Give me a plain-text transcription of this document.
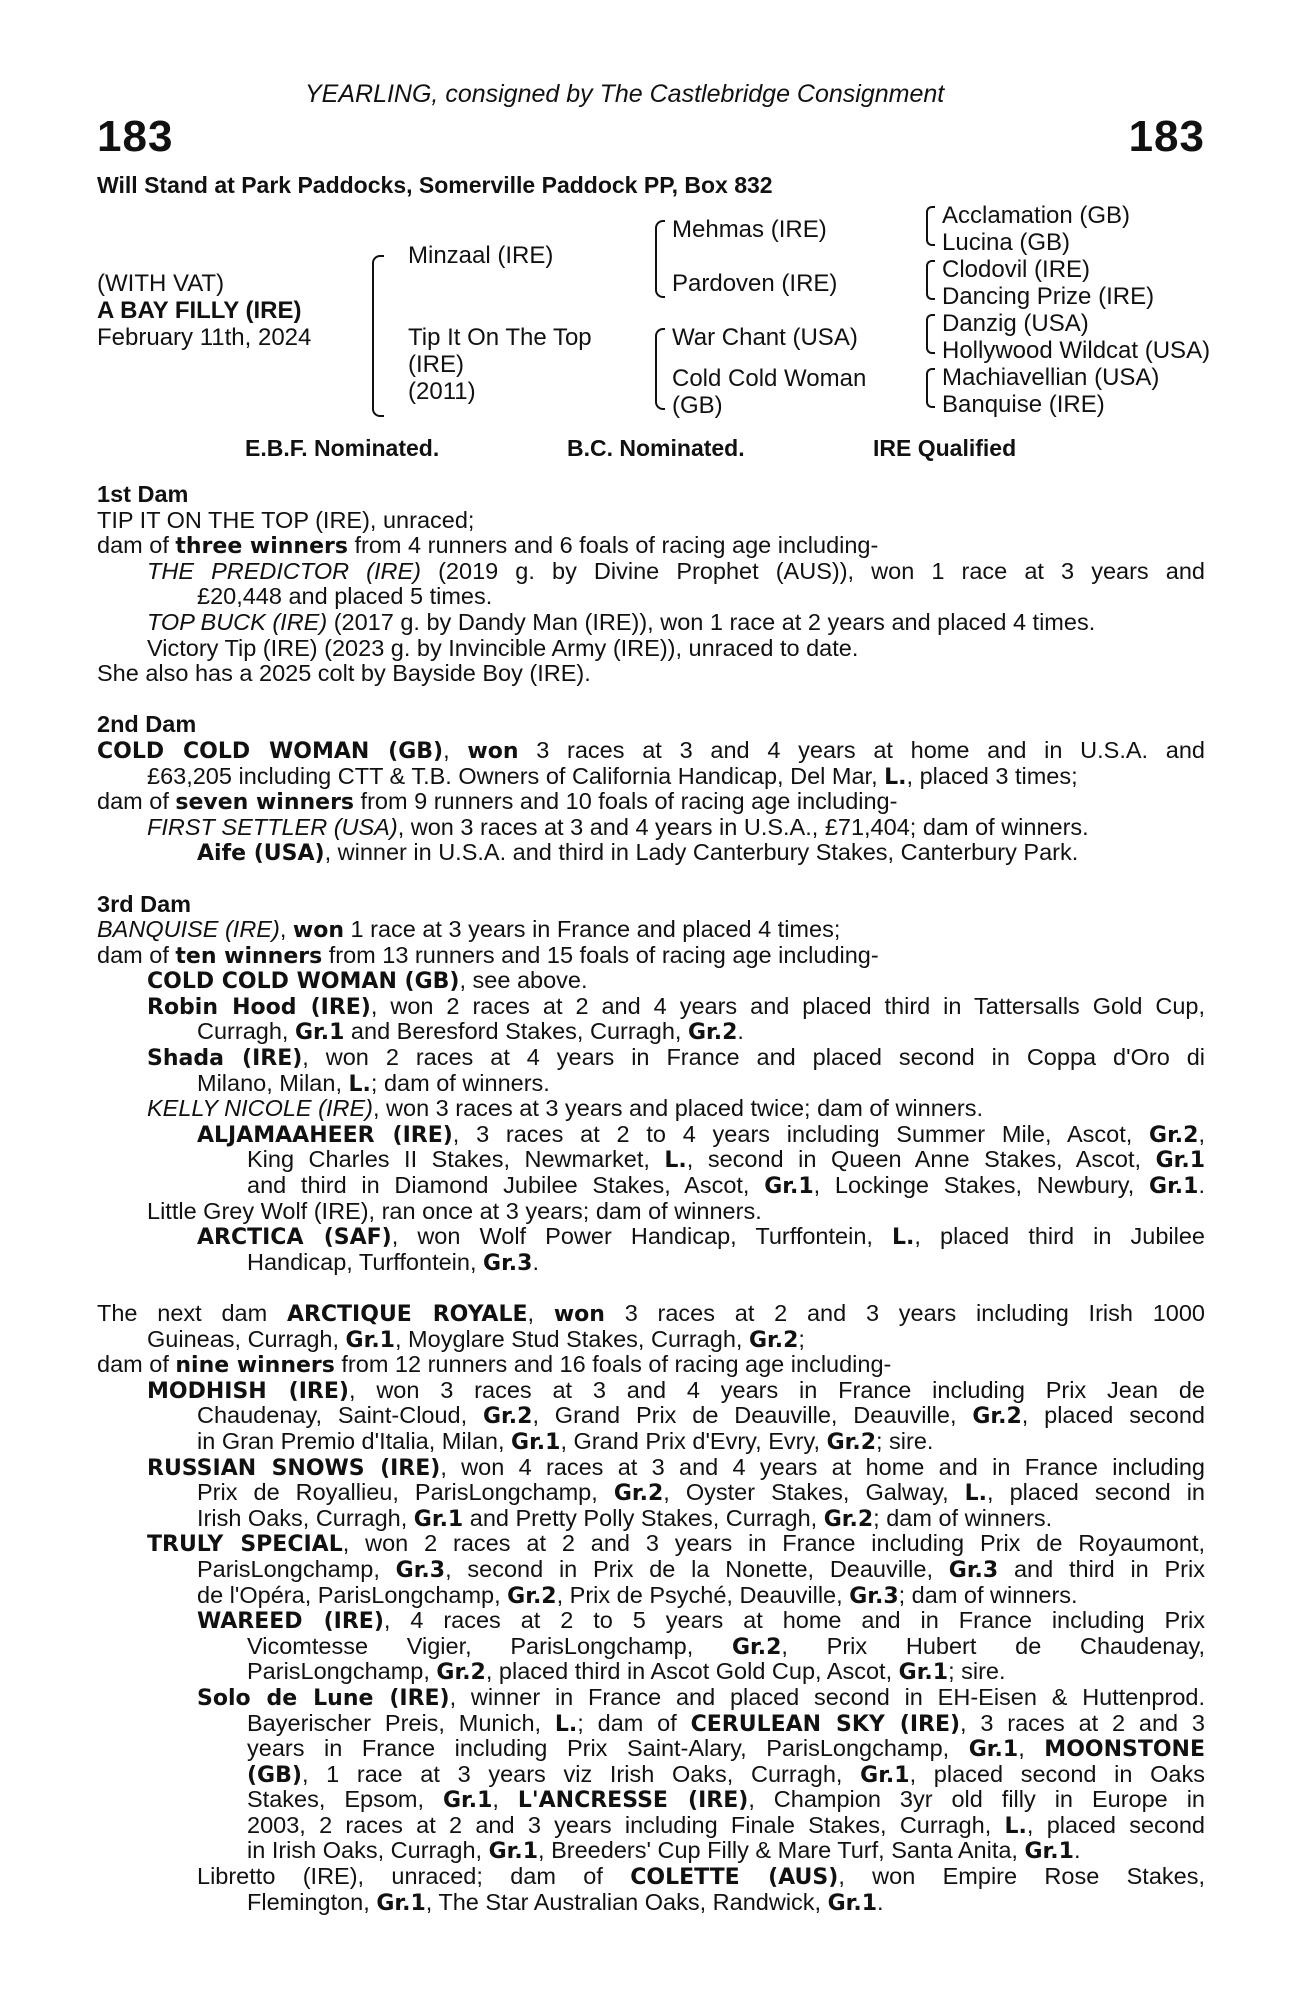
YEARLING, consigned by The Castlebridge Consignment
183	183
Will Stand at Park Paddocks, Somerville Paddock PP, Box 832
(WITH VAT)
A BAY FILLY (IRE)
February 11th, 2024
Minzaal (IRE)
Tip It On The Top
(IRE)
(2011)
Mehmas (IRE)
Pardoven (IRE)
War Chant (USA)
Cold Cold Woman
(GB)
Acclamation (GB)
Lucina (GB)
Clodovil (IRE)
Dancing Prize (IRE)
Danzig (USA)
Hollywood Wildcat (USA)
Machiavellian (USA)
Banquise (IRE)
E.B.F. Nominated.	B.C. Nominated.	IRE Qualified
1st Dam
TIP IT ON THE TOP (IRE), unraced;
dam of three winners from 4 runners and 6 foals of racing age including-
THE PREDICTOR (IRE) (2019 g. by Divine Prophet (AUS)), won 1 race at 3 years and
£20,448 and placed 5 times.
TOP BUCK (IRE) (2017 g. by Dandy Man (IRE)), won 1 race at 2 years and placed 4 times.
Victory Tip (IRE) (2023 g. by Invincible Army (IRE)), unraced to date.
She also has a 2025 colt by Bayside Boy (IRE).
2nd Dam
COLD COLD WOMAN (GB), won 3 races at 3 and 4 years at home and in U.S.A. and
£63,205 including CTT & T.B. Owners of California Handicap, Del Mar, L., placed 3 times;
dam of seven winners from 9 runners and 10 foals of racing age including-
FIRST SETTLER (USA), won 3 races at 3 and 4 years in U.S.A., £71,404; dam of winners.
Aife (USA), winner in U.S.A. and third in Lady Canterbury Stakes, Canterbury Park.
3rd Dam
BANQUISE (IRE), won 1 race at 3 years in France and placed 4 times;
dam of ten winners from 13 runners and 15 foals of racing age including-
COLD COLD WOMAN (GB), see above.
Robin Hood (IRE), won 2 races at 2 and 4 years and placed third in Tattersalls Gold Cup,
Curragh, Gr.1 and Beresford Stakes, Curragh, Gr.2.
Shada (IRE), won 2 races at 4 years in France and placed second in Coppa d'Oro di
Milano, Milan, L.; dam of winners.
KELLY NICOLE (IRE), won 3 races at 3 years and placed twice; dam of winners.
ALJAMAAHEER (IRE), 3 races at 2 to 4 years including Summer Mile, Ascot, Gr.2,
King Charles II Stakes, Newmarket, L., second in Queen Anne Stakes, Ascot, Gr.1
and third in Diamond Jubilee Stakes, Ascot, Gr.1, Lockinge Stakes, Newbury, Gr.1.
Little Grey Wolf (IRE), ran once at 3 years; dam of winners.
ARCTICA (SAF), won Wolf Power Handicap, Turffontein, L., placed third in Jubilee
Handicap, Turffontein, Gr.3.
The next dam ARCTIQUE ROYALE, won 3 races at 2 and 3 years including Irish 1000
Guineas, Curragh, Gr.1, Moyglare Stud Stakes, Curragh, Gr.2;
dam of nine winners from 12 runners and 16 foals of racing age including-
MODHISH (IRE), won 3 races at 3 and 4 years in France including Prix Jean de
Chaudenay, Saint-Cloud, Gr.2, Grand Prix de Deauville, Deauville, Gr.2, placed second
in Gran Premio d'Italia, Milan, Gr.1, Grand Prix d'Evry, Evry, Gr.2; sire.
RUSSIAN SNOWS (IRE), won 4 races at 3 and 4 years at home and in France including
Prix de Royallieu, ParisLongchamp, Gr.2, Oyster Stakes, Galway, L., placed second in
Irish Oaks, Curragh, Gr.1 and Pretty Polly Stakes, Curragh, Gr.2; dam of winners.
TRULY SPECIAL, won 2 races at 2 and 3 years in France including Prix de Royaumont,
ParisLongchamp, Gr.3, second in Prix de la Nonette, Deauville, Gr.3 and third in Prix
de l'Opéra, ParisLongchamp, Gr.2, Prix de Psyché, Deauville, Gr.3; dam of winners.
WAREED (IRE), 4 races at 2 to 5 years at home and in France including Prix
Vicomtesse Vigier, ParisLongchamp, Gr.2, Prix Hubert de Chaudenay,
ParisLongchamp, Gr.2, placed third in Ascot Gold Cup, Ascot, Gr.1; sire.
Solo de Lune (IRE), winner in France and placed second in EH-Eisen & Huttenprod.
Bayerischer Preis, Munich, L.; dam of CERULEAN SKY (IRE), 3 races at 2 and 3
years in France including Prix Saint-Alary, ParisLongchamp, Gr.1, MOONSTONE
(GB), 1 race at 3 years viz Irish Oaks, Curragh, Gr.1, placed second in Oaks
Stakes, Epsom, Gr.1, L'ANCRESSE (IRE), Champion 3yr old filly in Europe in
2003, 2 races at 2 and 3 years including Finale Stakes, Curragh, L., placed second
in Irish Oaks, Curragh, Gr.1, Breeders' Cup Filly & Mare Turf, Santa Anita, Gr.1.
Libretto (IRE), unraced; dam of COLETTE (AUS), won Empire Rose Stakes,
Flemington, Gr.1, The Star Australian Oaks, Randwick, Gr.1.
